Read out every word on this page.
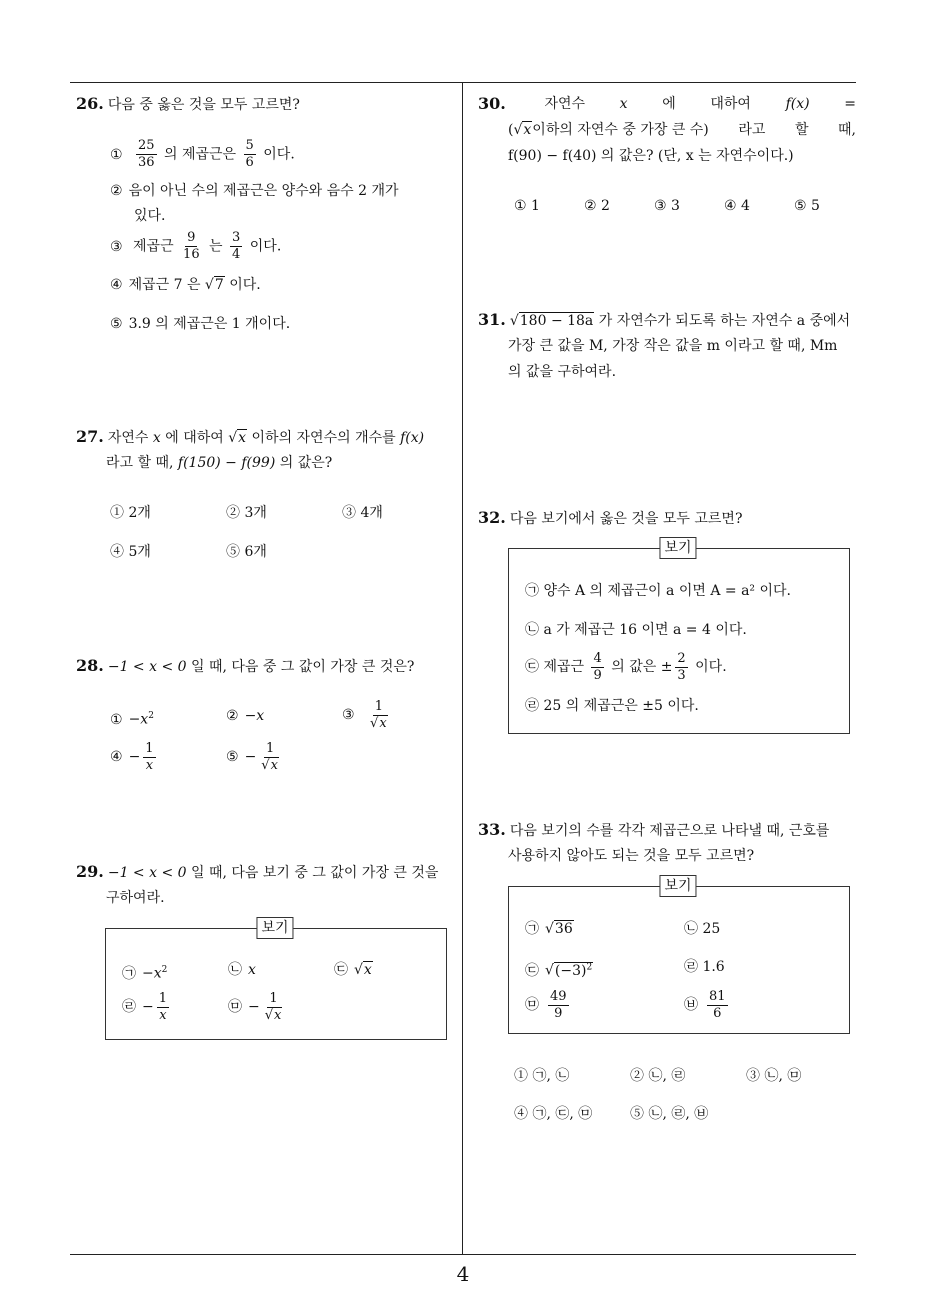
4
26. 다음 중 옳은 것을 모두 고르면?
① $\frac{25}{36}$ 의 제곱근은 $\frac{5}{6}$ 이다.
② 음이 아닌 수의 제곱근은 양수와 음수 2 개가
있다.
③ 제곱근 $\frac{9}{16}$ 는 $\frac{3}{4}$ 이다.
④ 제곱근 7 은 √7 이다.
⑤ 3.9 의 제곱근은 1 개이다.
27. 자연수 x 에 대하여 √x 이하의 자연수의 개수를 f(x)
라고 할 때, f(150) − f(99) 의 값은?
① 2개	② 3개	③ 4개
④ 5개	⑤ 6개
28. −1 < x < 0 일 때, 다음 중 그 값이 가장 큰 것은?
① $-x^2$	② −x	③ $\frac{1}{√x}$
④ − $\frac{1}{x}$	⑤ − $\frac{1}{√x}$
29. −1 < x < 0 일 때, 다음 보기 중 그 값이 가장 큰 것을
구하여라.
보기
㉠ $-x^2$	㉡ x	㉢ √x
㉣ − $\frac{1}{x}$	㉤ − $\frac{1}{√x}$
30.	자연수 x 에 대하여 f(x) =
(√x이하의 자연수 중 가장 큰 수) 라고 할 때,
f(90) − f(40) 의 값은? (단, x 는 자연수이다.)
① 1	② 2	③ 3	④ 4	⑤ 5
31. √180 − 18a 가 자연수가 되도록 하는 자연수 a 중에서
가장 큰 값을 M, 가장 작은 값을 m 이라고 할 때, Mm
의 값을 구하여라.
32. 다음 보기에서 옳은 것을 모두 고르면?
보기
㉠ 양수 A 의 제곱근이 a 이면 A = a² 이다.
㉡ a 가 제곱근 16 이면 a = 4 이다.
㉢ 제곱근 $\frac{4}{9}$ 의 값은 ± $\frac{2}{3}$ 이다.
㉣ 25 의 제곱근은 ±5 이다.
33. 다음 보기의 수를 각각 제곱근으로 나타낼 때, 근호를
사용하지 않아도 되는 것을 모두 고르면?
보기
㉠ √36	㉡ 25
㉢ $√(-3)^2$	㉣ 1.6
㉤ $\frac{49}{9}$	㉥ $\frac{81}{6}$
① ㉠, ㉡	② ㉡, ㉣	③ ㉡, ㉤
④ ㉠, ㉢, ㉤	⑤ ㉡, ㉣, ㉥
